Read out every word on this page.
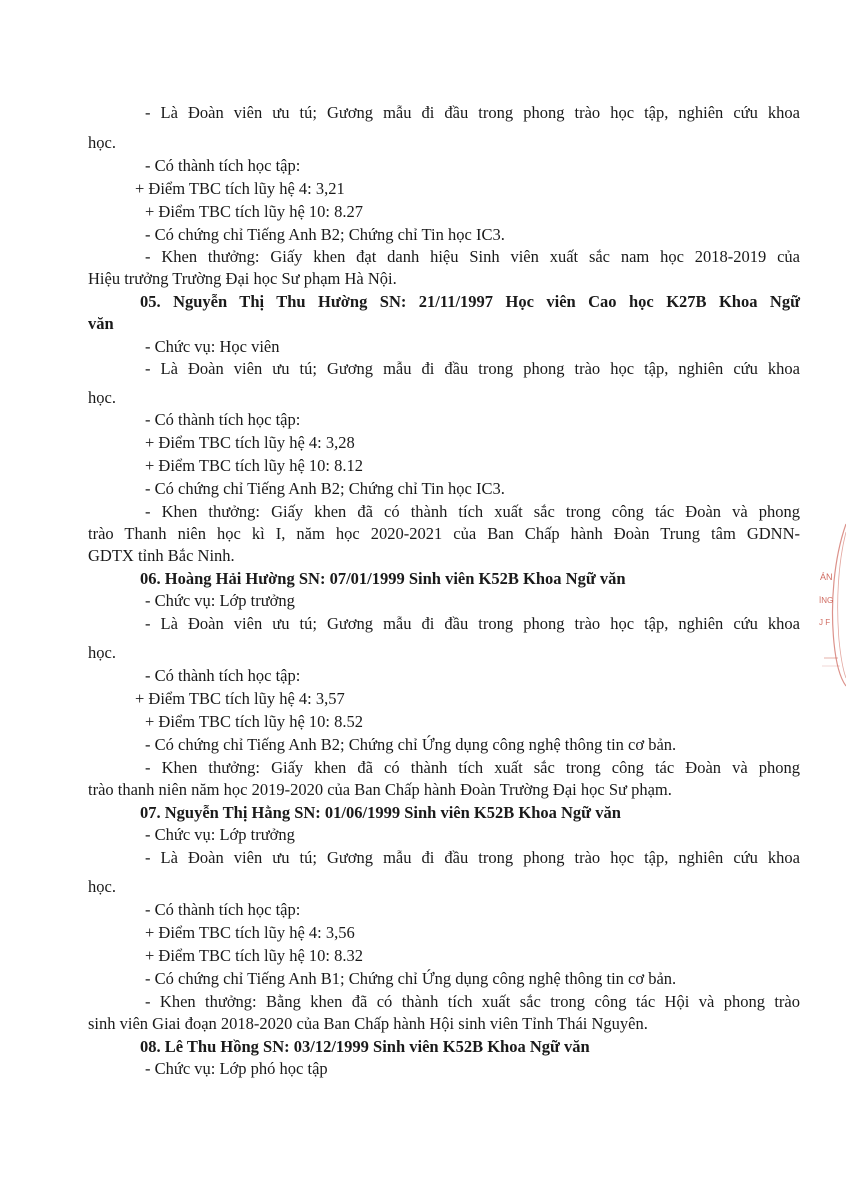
- Là Đoàn viên ưu tú; Gương mẫu đi đầu trong phong trào học tập, nghiên cứu khoa
học.
- Có thành tích học tập:
+ Điểm TBC tích lũy hệ 4: 3,21
+ Điểm TBC tích lũy hệ 10: 8.27
- Có chứng chỉ Tiếng Anh B2; Chứng chỉ Tin học IC3.
- Khen thưởng: Giấy khen đạt danh hiệu Sinh viên xuất sắc nam học 2018-2019 của
Hiệu trưởng Trường Đại học Sư phạm Hà Nội.
05. Nguyễn Thị Thu Hường SN: 21/11/1997 Học viên Cao học K27B Khoa Ngữ
văn
- Chức vụ: Học viên
- Là Đoàn viên ưu tú; Gương mẫu đi đầu trong phong trào học tập, nghiên cứu khoa
học.
- Có thành tích học tập:
+ Điểm TBC tích lũy hệ 4: 3,28
+ Điểm TBC tích lũy hệ 10: 8.12
- Có chứng chỉ Tiếng Anh B2; Chứng chỉ Tin học IC3.
- Khen thưởng: Giấy khen đã có thành tích xuất sắc trong công tác Đoàn và phong
trào Thanh niên học kì I, năm học 2020-2021 của Ban Chấp hành Đoàn Trung tâm GDNN-
GDTX tỉnh Bắc Ninh.
06. Hoàng Hải Hường SN: 07/01/1999 Sinh viên K52B Khoa Ngữ văn
- Chức vụ: Lớp trưởng
- Là Đoàn viên ưu tú; Gương mẫu đi đầu trong phong trào học tập, nghiên cứu khoa
học.
- Có thành tích học tập:
+ Điểm TBC tích lũy hệ 4: 3,57
+ Điểm TBC tích lũy hệ 10: 8.52
- Có chứng chỉ Tiếng Anh B2; Chứng chỉ Ứng dụng công nghệ thông tin cơ bản.
- Khen thưởng: Giấy khen đã có thành tích xuất sắc trong công tác Đoàn và phong
trào thanh niên năm học 2019-2020 của Ban Chấp hành Đoàn Trường Đại học Sư phạm.
07. Nguyễn Thị Hằng SN: 01/06/1999 Sinh viên K52B Khoa Ngữ văn
- Chức vụ: Lớp trưởng
- Là Đoàn viên ưu tú; Gương mẫu đi đầu trong phong trào học tập, nghiên cứu khoa
học.
- Có thành tích học tập:
+ Điểm TBC tích lũy hệ 4: 3,56
+ Điểm TBC tích lũy hệ 10: 8.32
- Có chứng chỉ Tiếng Anh B1; Chứng chỉ Ứng dụng công nghệ thông tin cơ bản.
- Khen thưởng: Bằng khen đã có thành tích xuất sắc trong công tác Hội và phong trào
sinh viên Giai đoạn 2018-2020 của Ban Chấp hành Hội sinh viên Tỉnh Thái Nguyên.
08. Lê Thu Hồng SN: 03/12/1999 Sinh viên K52B Khoa Ngữ văn
- Chức vụ: Lớp phó học tập
ÁN
ÌNG
J F
